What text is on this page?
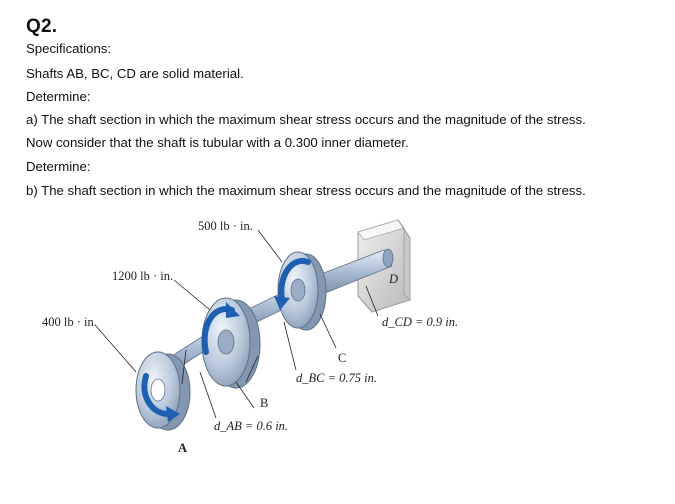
Q2.
Specifications:
Shafts AB, BC, CD are solid material.
Determine:
a) The shaft section in which the maximum shear stress occurs and the magnitude of the stress.
Now consider that the shaft is tubular with a 0.300 inner diameter.
Determine:
b) The shaft section in which the maximum shear stress occurs and the magnitude of the stress.
500 lb · in.
1200 lb · in.
400 lb · in.
D
C
B
A
d_CD = 0.9 in.
d_BC = 0.75 in.
d_AB = 0.6 in.
